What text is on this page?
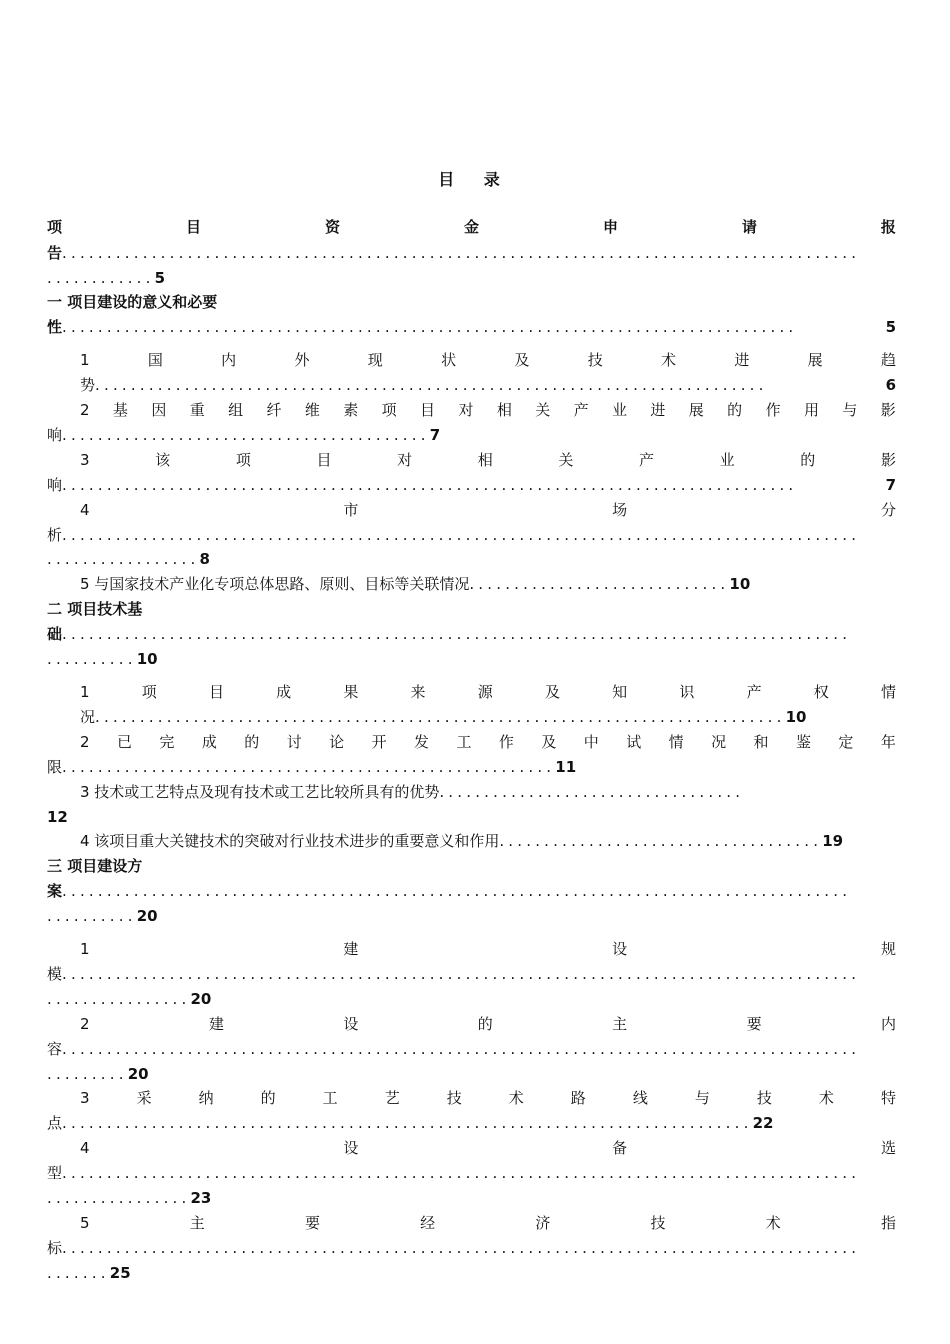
目 录
项	目	资	金	申	请	报
告.........................................................................................
............5
一 项目建设的意义和必要
性..................................................................................	5
1	国	内	外	现	状	及	技	术	进	展	趋
势...........................................................................	6
2 基 因 重 组 纤 维 素 项 目 对 相 关 产 业 进 展 的 作 用 与 影
响.........................................7
3	该	项	目	对	相	关	产	业	的	影
响..................................................................................	7
4	市	场	分
析.........................................................................................
.................8
5 与国家技术产业化专项总体思路、原则、目标等关联情况.............................10
二 项目技术基
础........................................................................................
..........10
1	项	目	成	果	来	源	及	知	识	产	权	情
况.............................................................................10
2 已 完 成 的 讨 论 开 发 工 作 及 中 试 情 况 和 鉴 定 年
限.......................................................11
3 技术或工艺特点及现有技术或工艺比较所具有的优势..................................
12
4 该项目重大关键技术的突破对行业技术进步的重要意义和作用....................................19
三 项目建设方
案........................................................................................
..........20
1	建	设	规
模.........................................................................................
................20
2	建	设	的	主	要	内
容.........................................................................................
.........20
3	采	纳	的	工	艺	技	术	路	线	与	技	术	特
点.............................................................................22
4	设	备	选
型.........................................................................................
................23
5	主	要	经	济	技	术	指
标.........................................................................................
.......25
